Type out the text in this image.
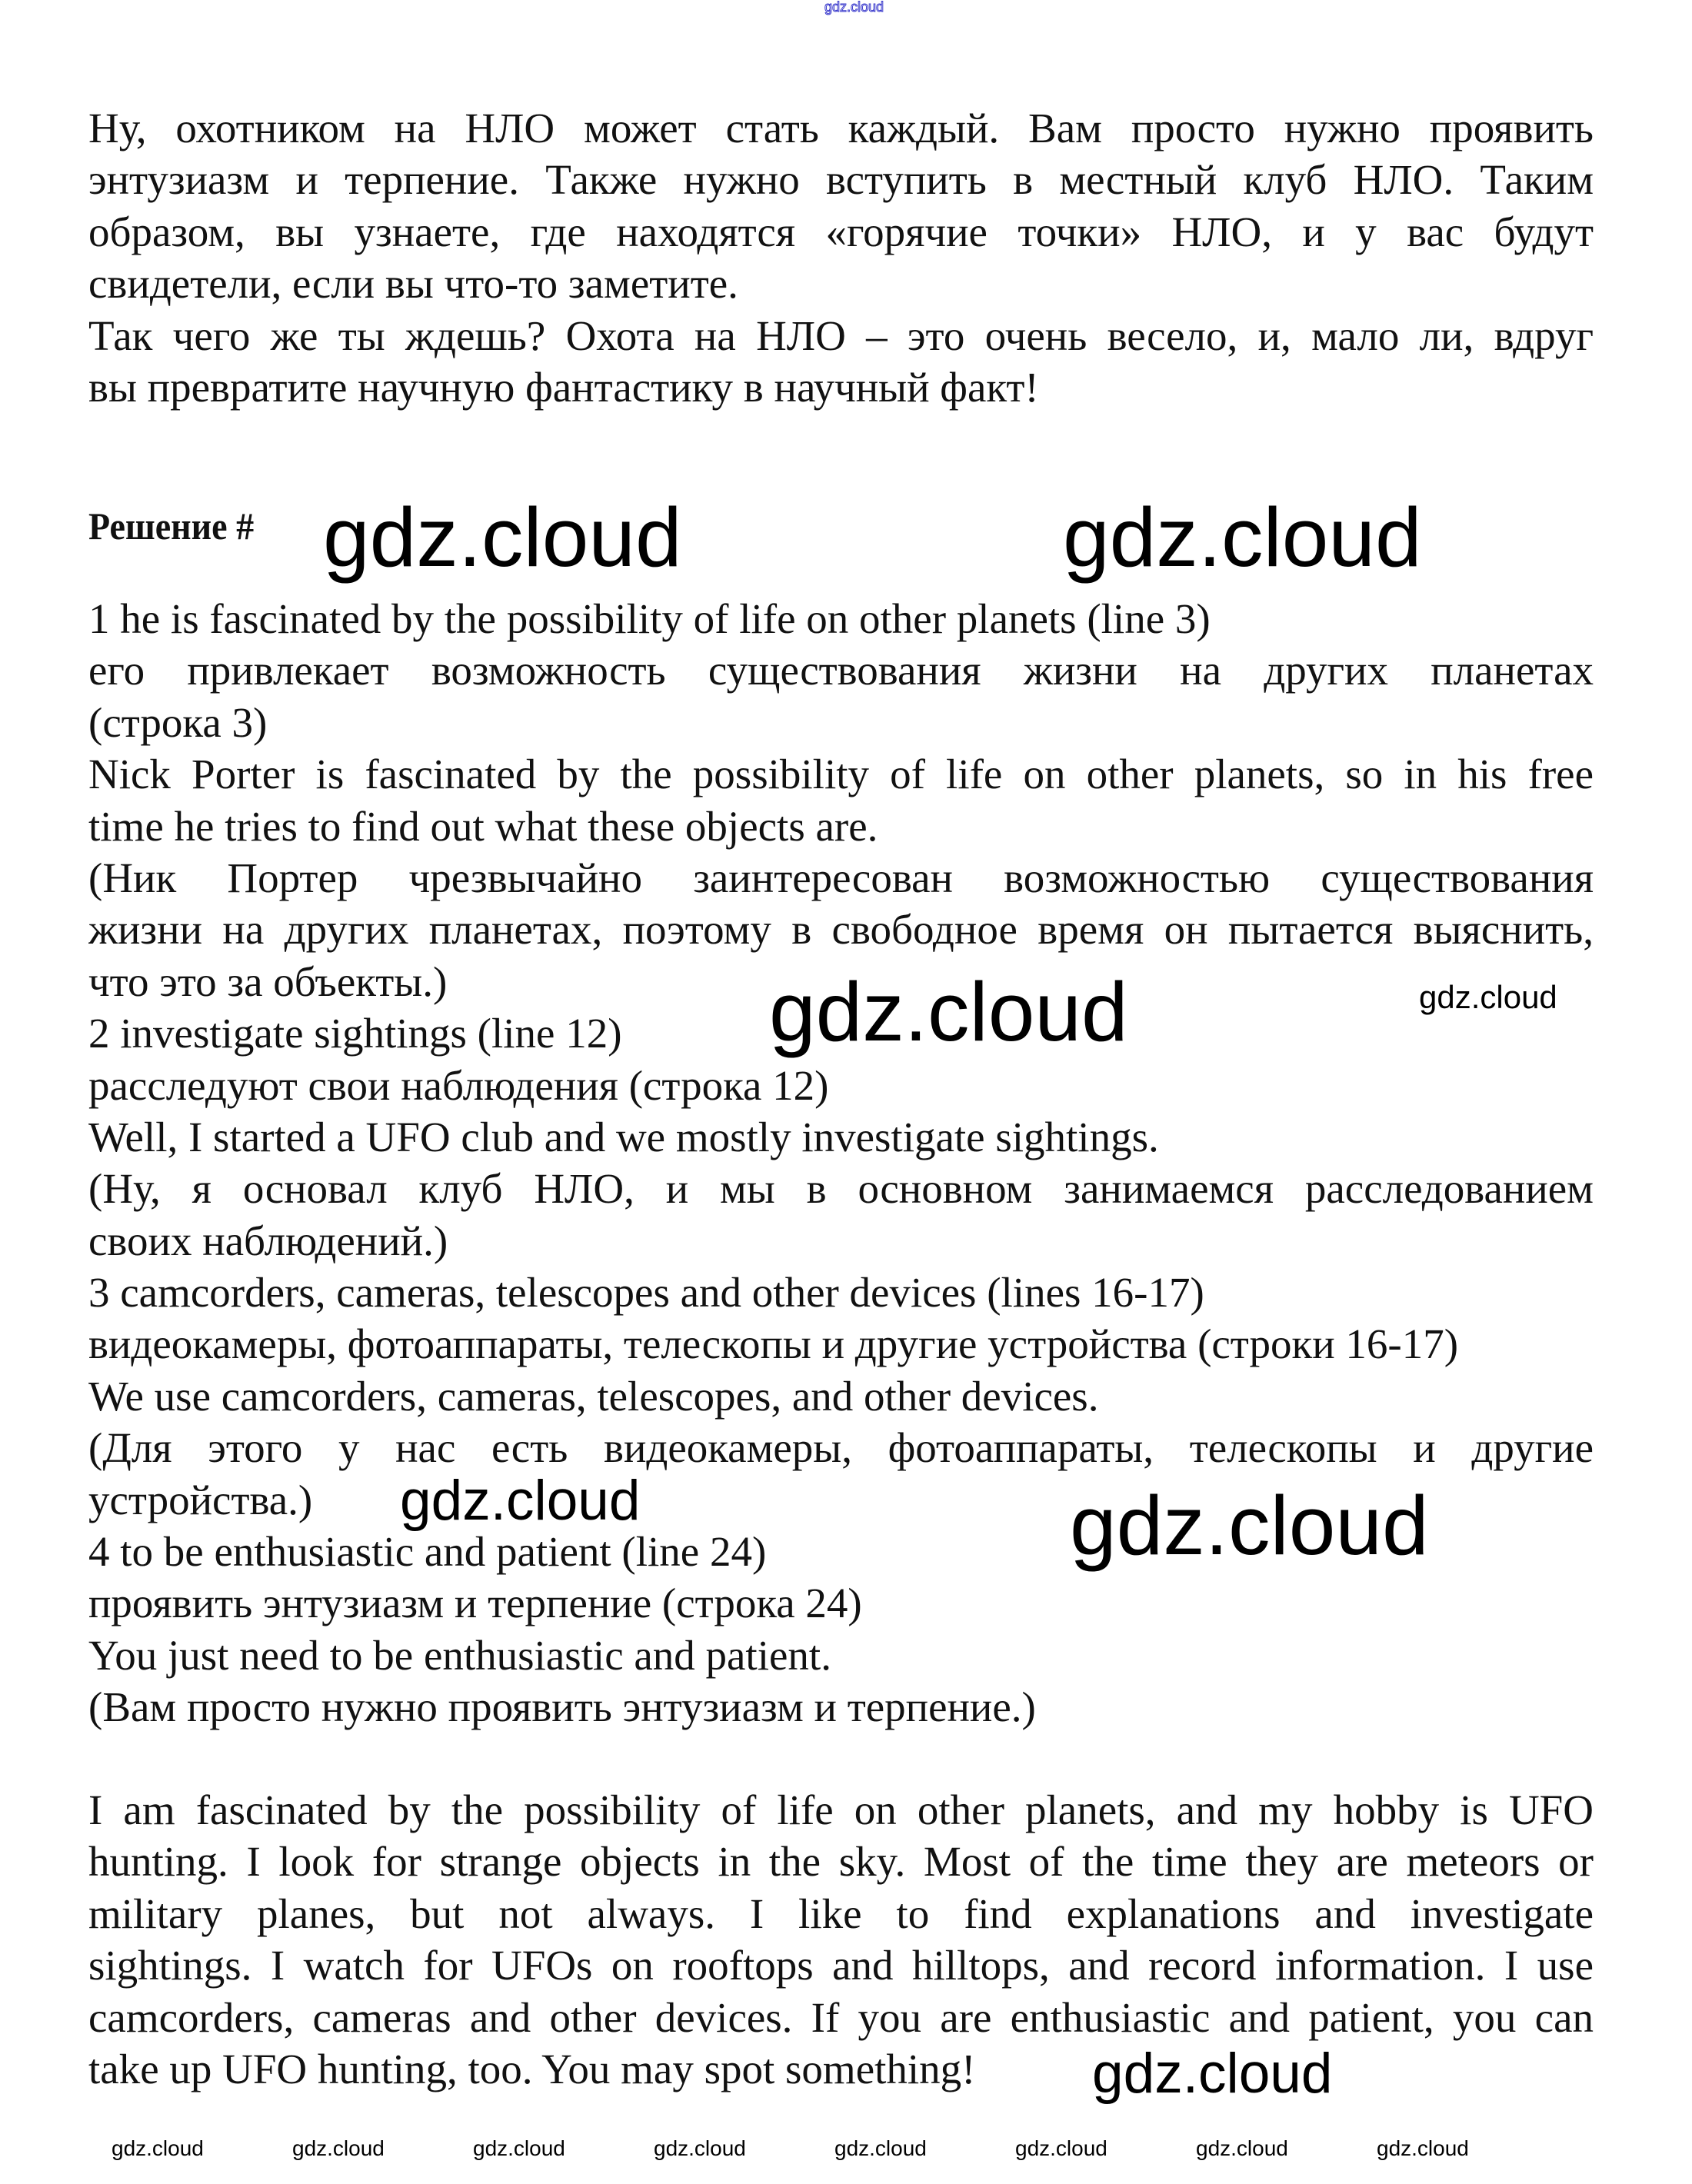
gdz.cloud
Ну, охотником на НЛО может стать каждый. Вам просто нужно проявить
энтузиазм и терпение. Также нужно вступить в местный клуб НЛО. Таким
образом, вы узнаете, где находятся «горячие точки» НЛО, и у вас будут
свидетели, если вы что-то заметите.
Так чего же ты ждешь? Охота на НЛО – это очень весело, и, мало ли, вдруг
вы превратите научную фантастику в научный факт!
Решение #
1 he is fascinated by the possibility of life on other planets (line 3)
его привлекает возможность существования жизни на других планетах
(строка 3)
Nick Porter is fascinated by the possibility of life on other planets, so in his free
time he tries to find out what these objects are.
(Ник Портер чрезвычайно заинтересован возможностью существования
жизни на других планетах, поэтому в свободное время он пытается выяснить,
что это за объекты.)
2 investigate sightings (line 12)
расследуют свои наблюдения (строка 12)
Well, I started a UFO club and we mostly investigate sightings.
(Ну, я основал клуб НЛО, и мы в основном занимаемся расследованием
своих наблюдений.)
3 camcorders, cameras, telescopes and other devices (lines 16-17)
видеокамеры, фотоаппараты, телескопы и другие устройства (строки 16-17)
We use camcorders, cameras, telescopes, and other devices.
(Для этого у нас есть видеокамеры, фотоаппараты, телескопы и другие
устройства.)
4 to be enthusiastic and patient (line 24)
проявить энтузиазм и терпение (строка 24)
You just need to be enthusiastic and patient.
(Вам просто нужно проявить энтузиазм и терпение.)
I am fascinated by the possibility of life on other planets, and my hobby is UFO
hunting. I look for strange objects in the sky. Most of the time they are meteors or
military planes, but not always. I like to find explanations and investigate
sightings. I watch for UFOs on rooftops and hilltops, and record information. I use
camcorders, cameras and other devices. If you are enthusiastic and patient, you can
take up UFO hunting, too. You may spot something!
gdz.cloud	gdz.cloud
gdz.cloud
gdz.cloud
gdz.cloud
gdz.cloud
gdz.cloud
gdz.cloud	gdz.cloud	gdz.cloud	gdz.cloud	gdz.cloud	gdz.cloud	gdz.cloud	gdz.cloud
